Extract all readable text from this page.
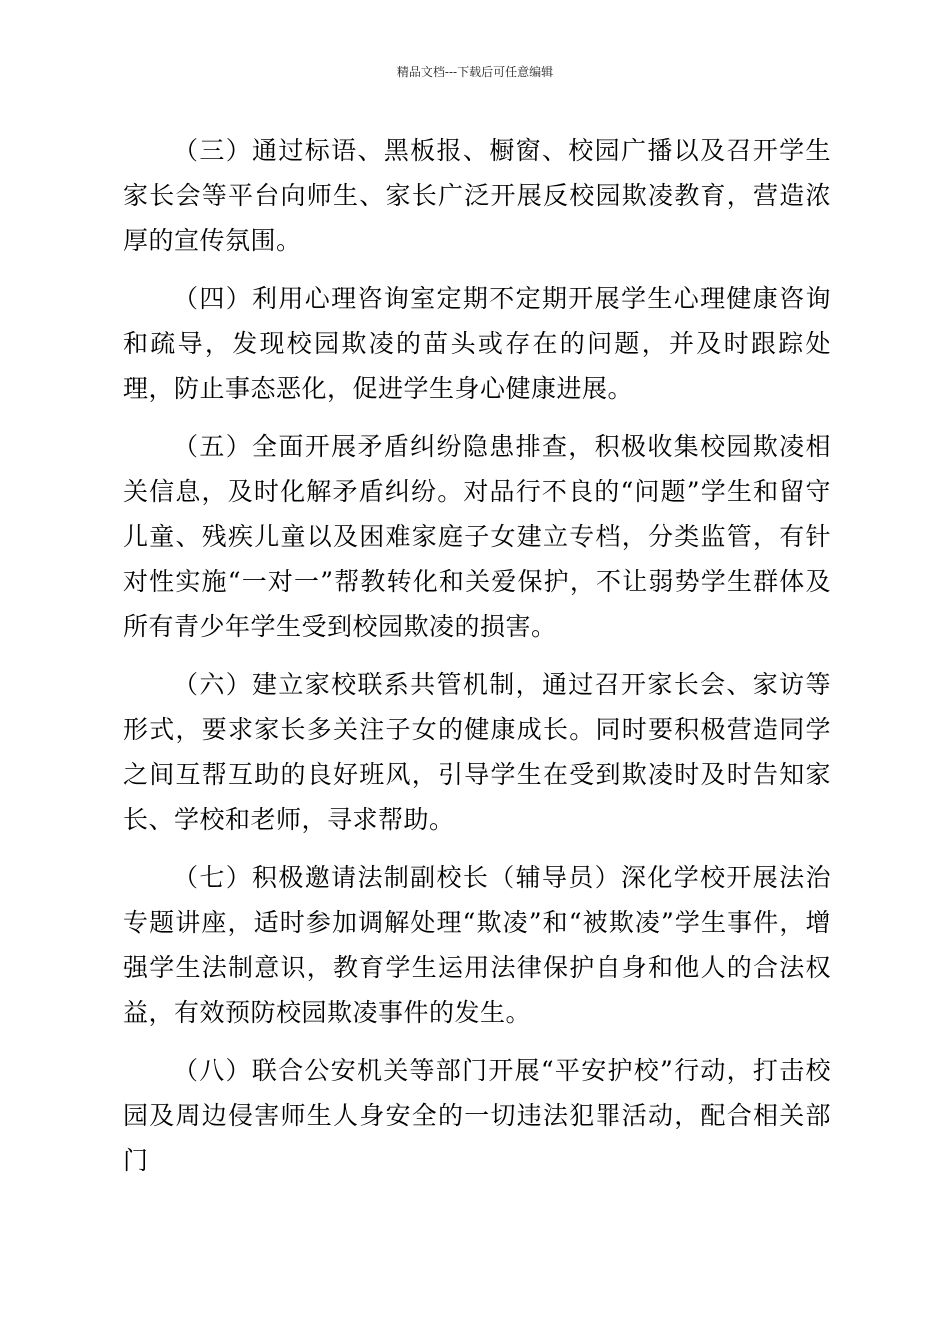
精品文档---下载后可任意编辑

（三）通过标语、黑板报、橱窗、校园广播以及召开学生家长会等平台向师生、家长广泛开展反校园欺凌教育，营造浓厚的宣传氛围。

（四）利用心理咨询室定期不定期开展学生心理健康咨询和疏导，发现校园欺凌的苗头或存在的问题，并及时跟踪处理，防止事态恶化，促进学生身心健康进展。

（五）全面开展矛盾纠纷隐患排查，积极收集校园欺凌相关信息，及时化解矛盾纠纷。对品行不良的“问题”学生和留守儿童、残疾儿童以及困难家庭子女建立专档，分类监管，有针对性实施“一对一”帮教转化和关爱保护，不让弱势学生群体及所有青少年学生受到校园欺凌的损害。

（六）建立家校联系共管机制，通过召开家长会、家访等形式，要求家长多关注子女的健康成长。同时要积极营造同学之间互帮互助的良好班风，引导学生在受到欺凌时及时告知家长、学校和老师，寻求帮助。

（七）积极邀请法制副校长（辅导员）深化学校开展法治专题讲座，适时参加调解处理“欺凌”和“被欺凌”学生事件，增强学生法制意识，教育学生运用法律保护自身和他人的合法权益，有效预防校园欺凌事件的发生。

（八）联合公安机关等部门开展“平安护校”行动，打击校园及周边侵害师生人身安全的一切违法犯罪活动，配合相关部门
